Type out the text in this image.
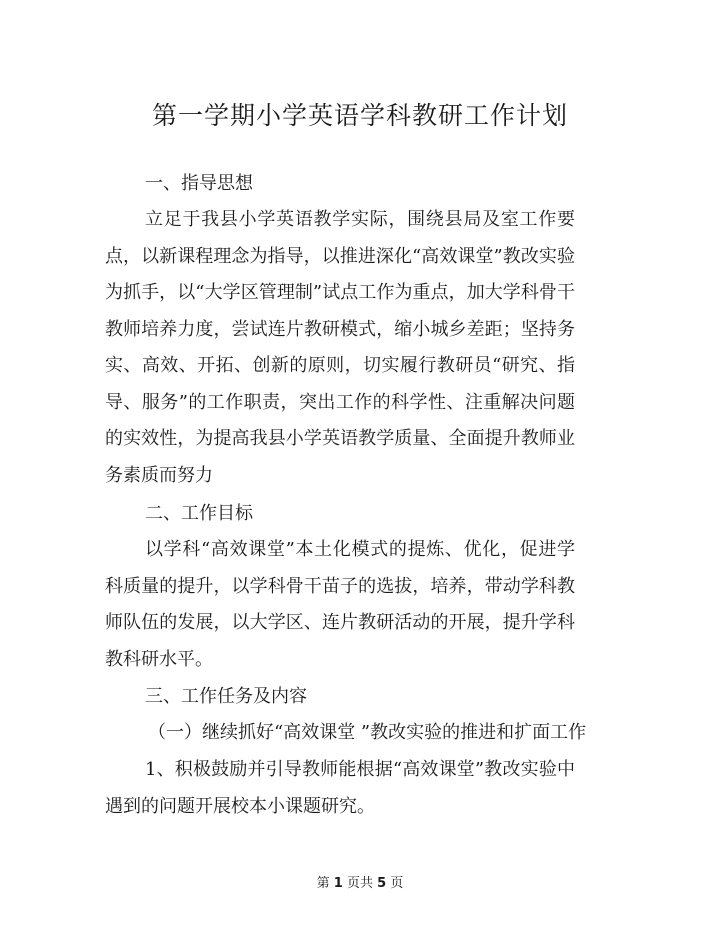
第一学期小学英语学科教研工作计划
一、指导思想

立足于我县小学英语教学实际，围绕县局及室工作要点，以新课程理念为指导，以推进深化“高效课堂”教改实验为抓手，以“大学区管理制”试点工作为重点，加大学科骨干教师培养力度，尝试连片教研模式，缩小城乡差距；坚持务实、高效、开拓、创新的原则，切实履行教研员“研究、指导、服务”的工作职责，突出工作的科学性、注重解决问题的实效性，为提高我县小学英语教学质量、全面提升教师业务素质而努力

二、工作目标

以学科“高效课堂”本土化模式的提炼、优化，促进学科质量的提升，以学科骨干苗子的选拔，培养，带动学科教师队伍的发展，以大学区、连片教研活动的开展，提升学科教科研水平。

三、工作任务及内容
（一）继续抓好“高效课堂 ”教改实验的推进和扩面工作

1、积极鼓励并引导教师能根据“高效课堂”教改实验中遇到的问题开展校本小课题研究。

第 1 页共 5 页
